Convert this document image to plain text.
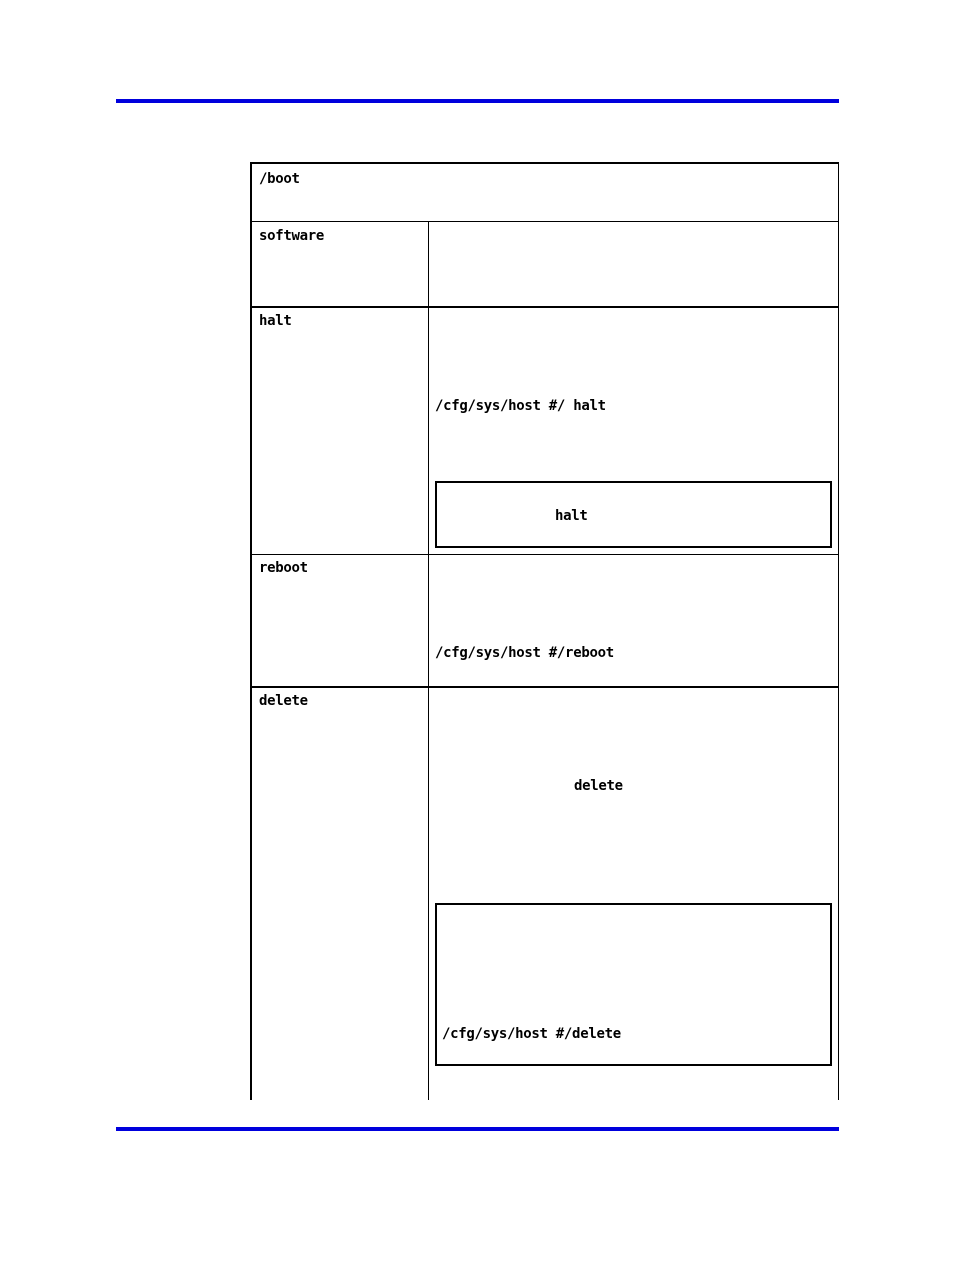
/boot
software
halt
/cfg/sys/host #/ halt
halt
reboot
/cfg/sys/host #/reboot
delete
delete
/cfg/sys/host #/delete
